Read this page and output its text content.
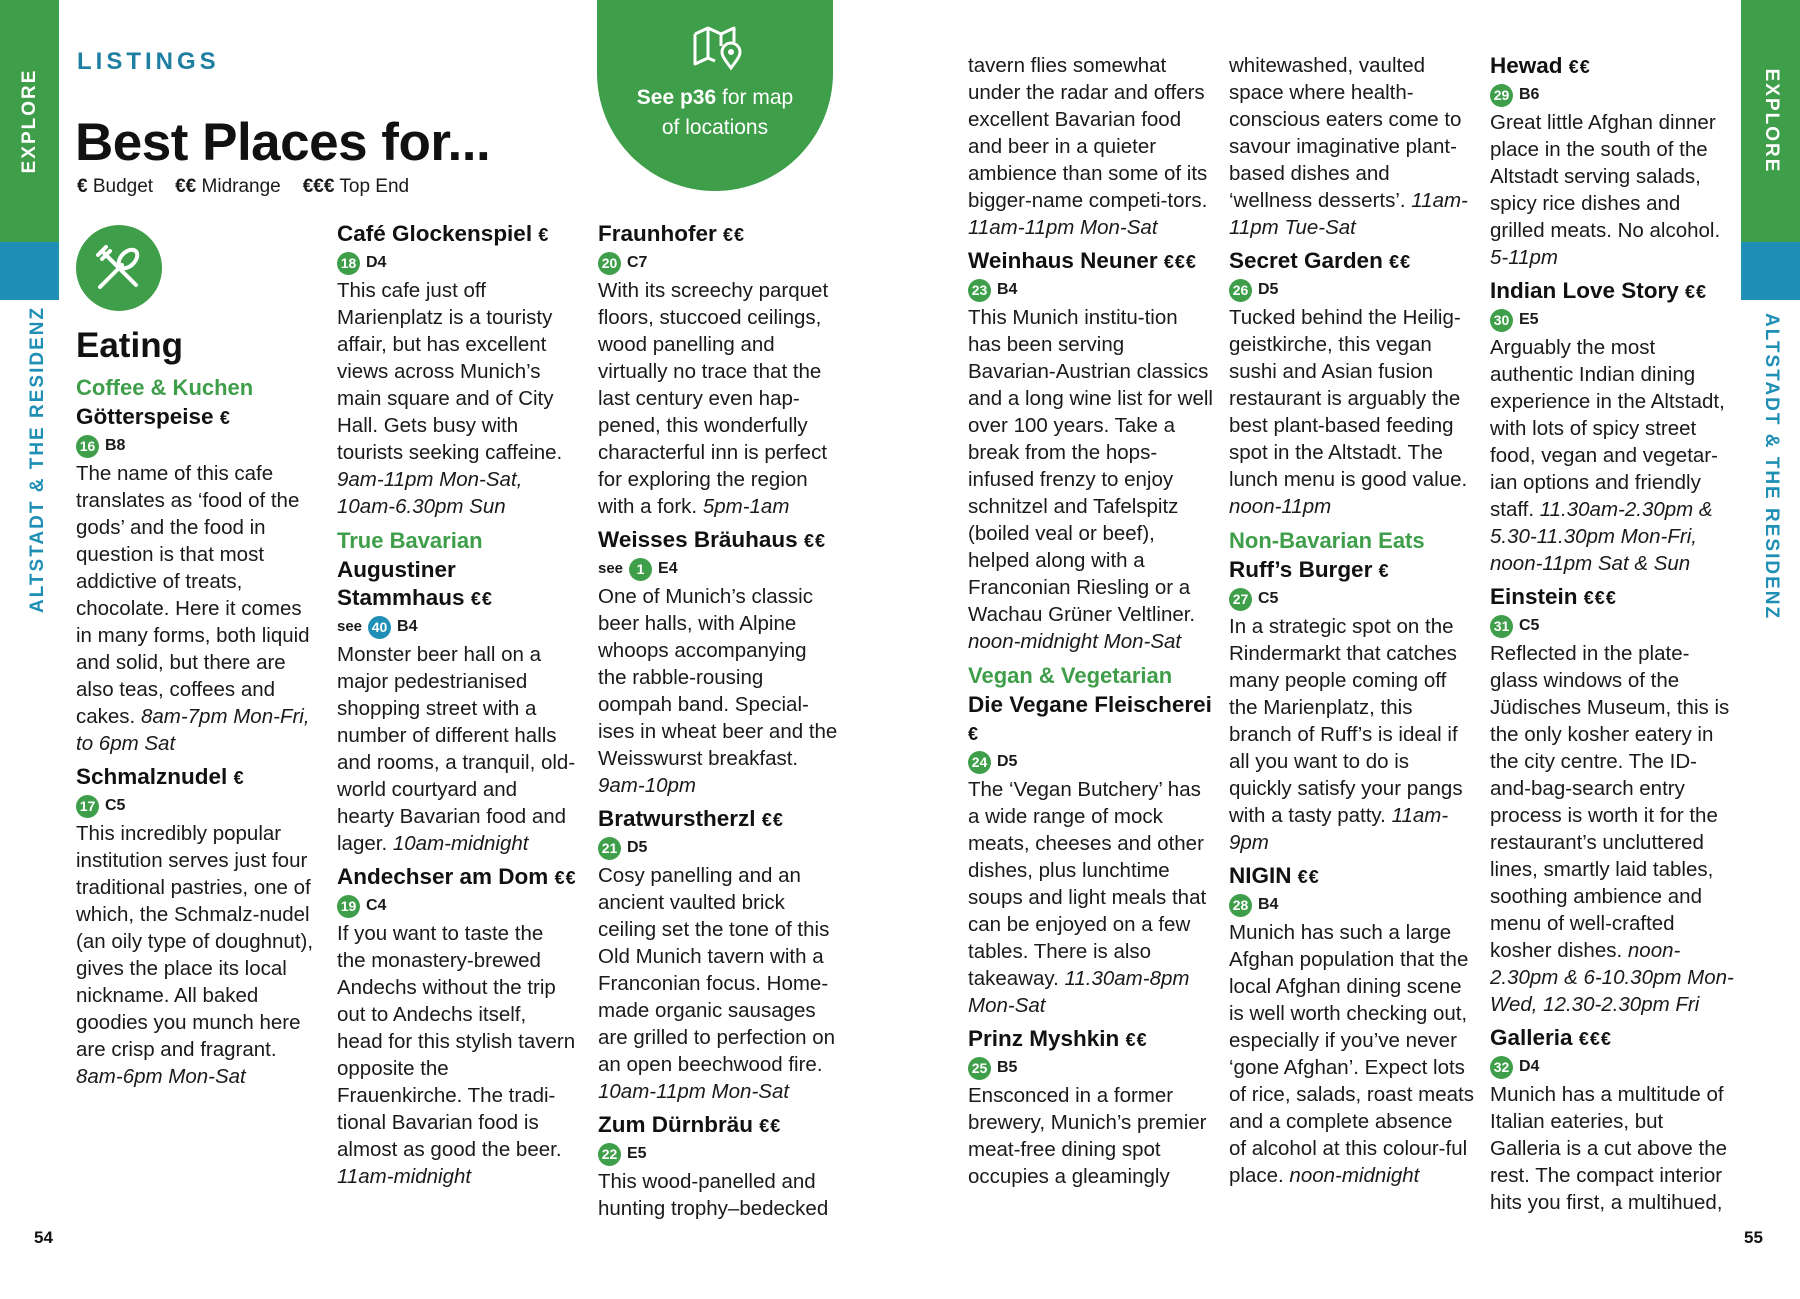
EXPLORE
ALTSTADT & THE RESIDENZ
EXPLORE
ALTSTADT & THE RESIDENZ
LISTINGS
Best Places for...
€ Budget €€ Midrange €€€ Top End
See p36 for map
of locations
Eating

Coffee & Kuchen

Götterspeise €
16 B8

The name of this cafe translates as ‘food of the gods’ and the food in question is that most addictive of treats, chocolate. Here it comes in many forms, both liquid and solid, but there are also teas, coffees and cakes. 8am-7pm Mon-Fri, to 6pm Sat

Schmalznudel €
17 C5

This incredibly popular institution serves just four traditional pastries, one of which, the Schmalz-nudel (an oily type of doughnut), gives the place its local nickname. All baked goodies you munch here are crisp and fragrant. 8am-6pm Mon-Sat

Café Glockenspiel €
18 D4

This cafe just off Marienplatz is a touristy affair, but has excellent views across Munich’s main square and of City Hall. Gets busy with tourists seeking caffeine. 9am-11pm Mon-Sat, 10am-6.30pm Sun

True Bavarian

Augustiner Stammhaus €€
see 40 B4

Monster beer hall on a major pedestrianised shopping street with a number of different halls and rooms, a tranquil, old-world courtyard and hearty Bavarian food and lager. 10am-midnight

Andechser am Dom €€
19 C4

If you want to taste the the monastery-brewed Andechs without the trip out to Andechs itself, head for this stylish tavern opposite the Frauenkirche. The tradi-tional Bavarian food is almost as good the beer. 11am-midnight

Fraunhofer €€
20 C7

With its screechy parquet floors, stuccoed ceilings, wood panelling and virtually no trace that the last century even hap-pened, this wonderfully characterful inn is perfect for exploring the region with a fork. 5pm-1am

Weisses Bräuhaus €€
see 1 E4

One of Munich’s classic beer halls, with Alpine whoops accompanying the rabble-rousing oompah band. Special-ises in wheat beer and the Weisswurst breakfast. 9am-10pm

Bratwurstherzl €€
21 D5

Cosy panelling and an ancient vaulted brick ceiling set the tone of this Old Munich tavern with a Franconian focus. Home-made organic sausages are grilled to perfection on an open beechwood fire. 10am-11pm Mon-Sat

Zum Dürnbräu €€
22 E5

This wood-panelled and hunting trophy–bedecked

tavern flies somewhat under the radar and offers excellent Bavarian food and beer in a quieter ambience than some of its bigger-name competi-tors. 11am-11pm Mon-Sat

Weinhaus Neuner €€€
23 B4

This Munich institu-tion has been serving Bavarian-Austrian classics and a long wine list for well over 100 years. Take a break from the hops-infused frenzy to enjoy schnitzel and Tafelspitz (boiled veal or beef), helped along with a Franconian Riesling or a Wachau Grüner Veltliner. noon-midnight Mon-Sat

Vegan & Vegetarian

Die Vegane Fleischerei €
24 D5

The ‘Vegan Butchery’ has a wide range of mock meats, cheeses and other dishes, plus lunchtime soups and light meals that can be enjoyed on a few tables. There is also takeaway. 11.30am-8pm Mon-Sat

Prinz Myshkin €€
25 B5

Ensconced in a former brewery, Munich’s premier meat-free dining spot occupies a gleamingly

whitewashed, vaulted space where health-conscious eaters come to savour imaginative plant-based dishes and ‘wellness desserts’. 11am-11pm Tue-Sat

Secret Garden €€
26 D5

Tucked behind the Heilig-geistkirche, this vegan sushi and Asian fusion restaurant is arguably the best plant-based feeding spot in the Altstadt. The lunch menu is good value. noon-11pm

Non-Bavarian Eats

Ruff’s Burger €
27 C5

In a strategic spot on the Rindermarkt that catches many people coming off the Marienplatz, this branch of Ruff’s is ideal if all you want to do is quickly satisfy your pangs with a tasty patty. 11am-9pm

NIGIN €€
28 B4

Munich has such a large Afghan population that the local Afghan dining scene is well worth checking out, especially if you’ve never ‘gone Afghan’. Expect lots of rice, salads, roast meats and a complete absence of alcohol at this colour-ful place. noon-midnight

Hewad €€
29 B6

Great little Afghan dinner place in the south of the Altstadt serving salads, spicy rice dishes and grilled meats. No alcohol. 5-11pm

Indian Love Story €€
30 E5

Arguably the most authentic Indian dining experience in the Altstadt, with lots of spicy street food, vegan and vegetar-ian options and friendly staff. 11.30am-2.30pm & 5.30-11.30pm Mon-Fri, noon-11pm Sat & Sun

Einstein €€€
31 C5

Reflected in the plate-glass windows of the Jüdisches Museum, this is the only kosher eatery in the city centre. The ID-and-bag-search entry process is worth it for the restaurant’s uncluttered lines, smartly laid tables, soothing ambience and menu of well-crafted kosher dishes. noon-2.30pm & 6-10.30pm Mon-Wed, 12.30-2.30pm Fri

Galleria €€€
32 D4

Munich has a multitude of Italian eateries, but Galleria is a cut above the rest. The compact interior hits you first, a multihued,

54	55
